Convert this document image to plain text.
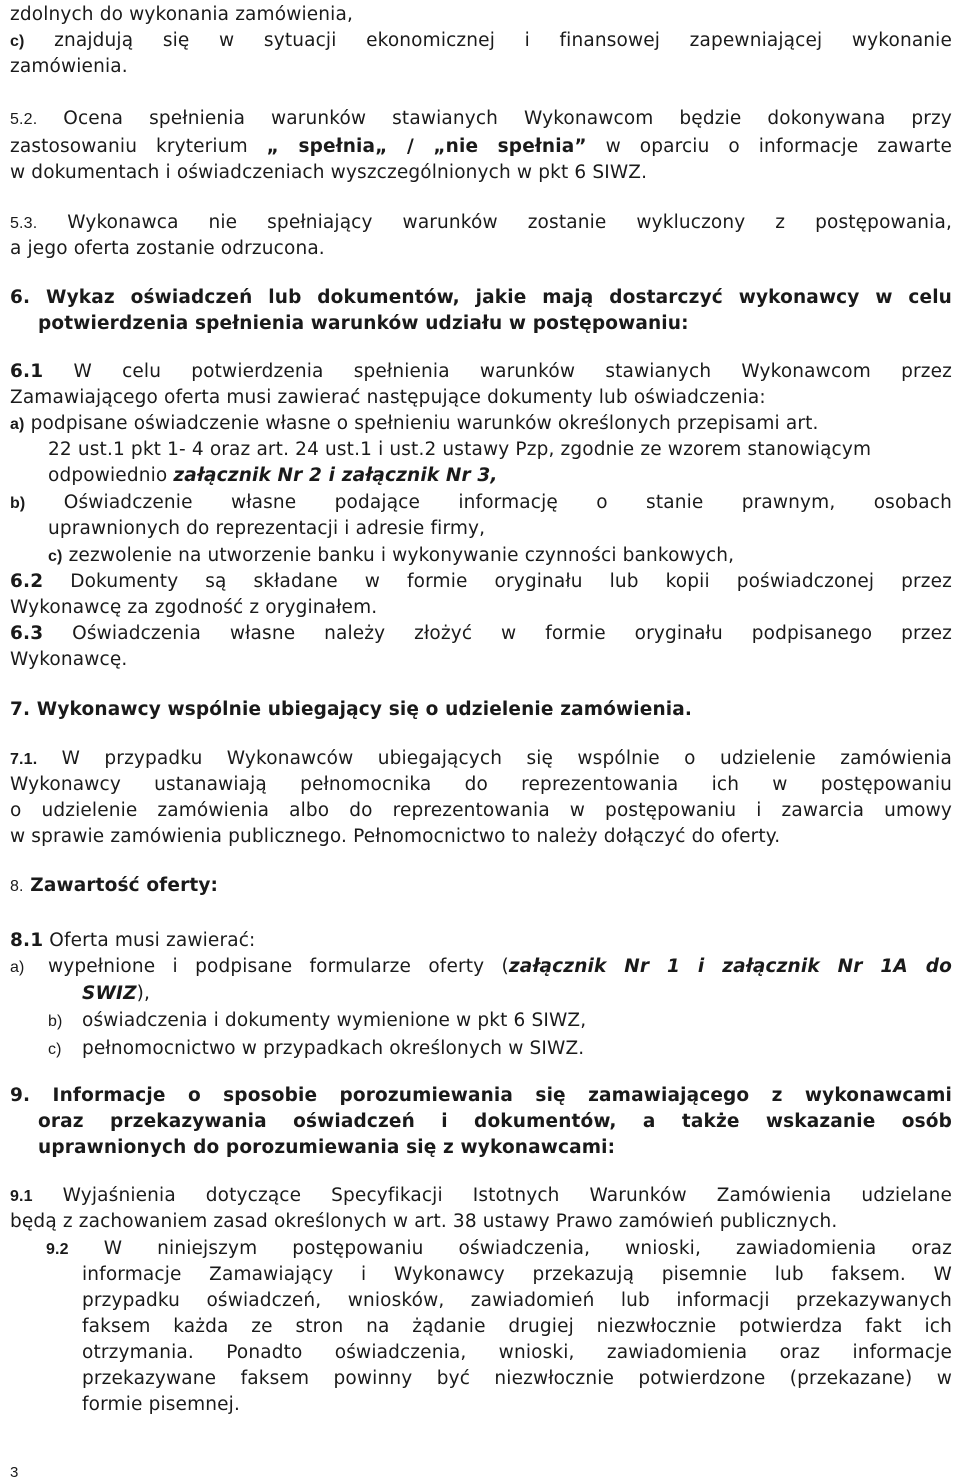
zdolnych do wykonania zamówienia,
c) znajdują się w sytuacji ekonomicznej i finansowej zapewniającej wykonanie
zamówienia.
5.2. Ocena spełnienia warunków stawianych Wykonawcom będzie dokonywana przy
zastosowaniu kryterium „ spełnia„ / „nie spełnia” w oparciu o informacje zawarte
w dokumentach i oświadczeniach wyszczególnionych w pkt 6 SIWZ.
5.3. Wykonawca nie spełniający warunków zostanie wykluczony z postępowania,
a jego oferta zostanie odrzucona.
6. Wykaz oświadczeń lub dokumentów, jakie mają dostarczyć wykonawcy w celu
potwierdzenia spełnienia warunków udziału w postępowaniu:
6.1 W celu potwierdzenia spełnienia warunków stawianych Wykonawcom przez
Zamawiającego oferta musi zawierać następujące dokumenty lub oświadczenia:
a) podpisane oświadczenie własne o spełnieniu warunków określonych przepisami art.
22 ust.1 pkt 1- 4 oraz art. 24 ust.1 i ust.2 ustawy Pzp, zgodnie ze wzorem stanowiącym
odpowiednio załącznik Nr 2 i załącznik Nr 3,
b) Oświadczenie własne podające informację o stanie prawnym, osobach
uprawnionych do reprezentacji i adresie firmy,
c) zezwolenie na utworzenie banku i wykonywanie czynności bankowych,
6.2 Dokumenty są składane w formie oryginału lub kopii poświadczonej przez
Wykonawcę za zgodność z oryginałem.
6.3 Oświadczenia własne należy złożyć w formie oryginału podpisanego przez
Wykonawcę.
7. Wykonawcy wspólnie ubiegający się o udzielenie zamówienia.
7.1. W przypadku Wykonawców ubiegających się wspólnie o udzielenie zamówienia
Wykonawcy ustanawiają pełnomocnika do reprezentowania ich w postępowaniu
o udzielenie zamówienia albo do reprezentowania w postępowaniu i zawarcia umowy
w sprawie zamówienia publicznego. Pełnomocnictwo to należy dołączyć do oferty.
8. Zawartość oferty:
8.1 Oferta musi zawierać:
a) wypełnione i podpisane formularze oferty (załącznik Nr 1 i załącznik Nr 1A do
SWIZ),
b) oświadczenia i dokumenty wymienione w pkt 6 SIWZ,
c) pełnomocnictwo w przypadkach określonych w SIWZ.
9. Informacje o sposobie porozumiewania się zamawiającego z wykonawcami
oraz przekazywania oświadczeń i dokumentów, a także wskazanie osób
uprawnionych do porozumiewania się z wykonawcami:
9.1 Wyjaśnienia dotyczące Specyfikacji Istotnych Warunków Zamówienia udzielane
będą z zachowaniem zasad określonych w art. 38 ustawy Prawo zamówień publicznych.
9.2 W niniejszym postępowaniu oświadczenia, wnioski, zawiadomienia oraz
informacje Zamawiający i Wykonawcy przekazują pisemnie lub faksem. W
przypadku oświadczeń, wniosków, zawiadomień lub informacji przekazywanych
faksem każda ze stron na żądanie drugiej niezwłocznie potwierdza fakt ich
otrzymania. Ponadto oświadczenia, wnioski, zawiadomienia oraz informacje
przekazywane faksem powinny być niezwłocznie potwierdzone (przekazane) w
formie pisemnej.
3
